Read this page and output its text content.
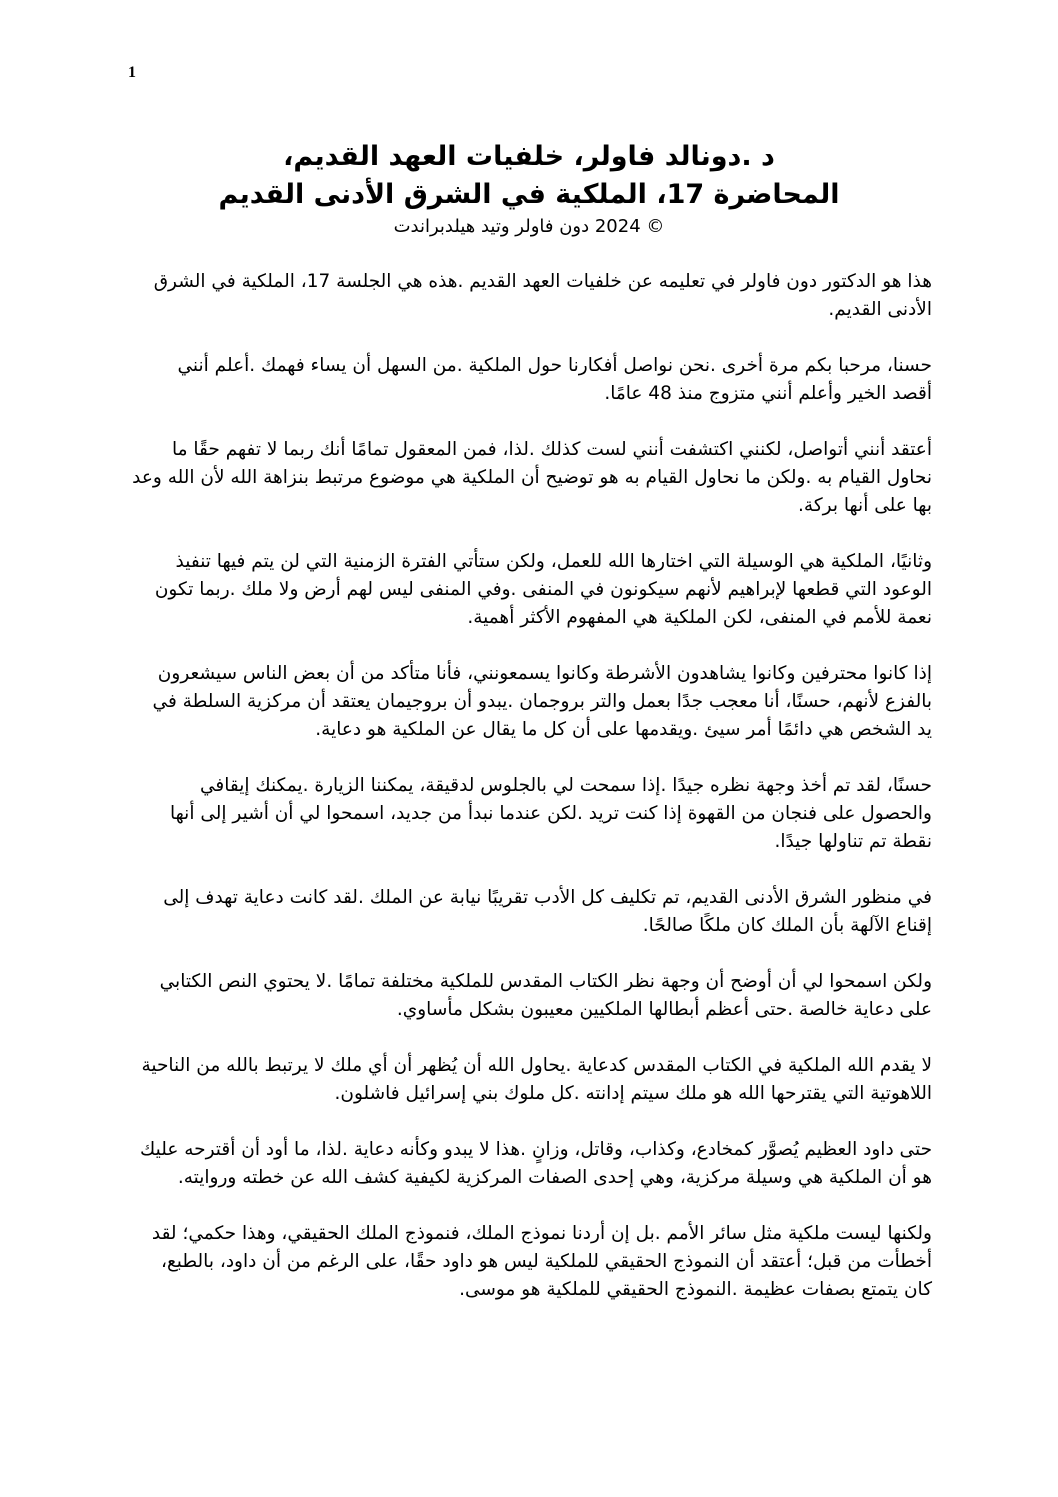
1

د .دونالد فاولر، خلفيات العهد القديم،

المحاضرة 17، الملكية في الشرق الأدنى القديم

© 2024 دون فاولر وتيد هيلدبراندت

هذا هو الدكتور دون فاولر في تعليمه عن خلفيات العهد القديم .هذه هي الجلسة 17، الملكية في الشرق الأدنى القديم.

حسنا، مرحبا بكم مرة أخرى .نحن نواصل أفكارنا حول الملكية .من السهل أن يساء فهمك .أعلم أنني أقصد الخير وأعلم أنني متزوج منذ 48 عامًا.

أعتقد أنني أتواصل، لكنني اكتشفت أنني لست كذلك .لذا، فمن المعقول تمامًا أنك ربما لا تفهم حقًا ما نحاول القيام به .ولكن ما نحاول القيام به هو توضيح أن الملكية هي موضوع مرتبط بنزاهة الله لأن الله وعد بها على أنها بركة.

وثانيًا، الملكية هي الوسيلة التي اختارها الله للعمل، ولكن ستأتي الفترة الزمنية التي لن يتم فيها تنفيذ الوعود التي قطعها لإبراهيم لأنهم سيكونون في المنفى .وفي المنفى ليس لهم أرض ولا ملك .ربما تكون نعمة للأمم في المنفى، لكن الملكية هي المفهوم الأكثر أهمية.

إذا كانوا محترفين وكانوا يشاهدون الأشرطة وكانوا يسمعونني، فأنا متأكد من أن بعض الناس سيشعرون بالفزع لأنهم، حسنًا، أنا معجب جدًا بعمل والتر بروجمان .يبدو أن بروجيمان يعتقد أن مركزية السلطة في يد الشخص هي دائمًا أمر سيئ .ويقدمها على أن كل ما يقال عن الملكية هو دعاية.

حسنًا، لقد تم أخذ وجهة نظره جيدًا .إذا سمحت لي بالجلوس لدقيقة، يمكننا الزيارة .يمكنك إيقافي والحصول على فنجان من القهوة إذا كنت تريد .لكن عندما نبدأ من جديد، اسمحوا لي أن أشير إلى أنها نقطة تم تناولها جيدًا.

في منظور الشرق الأدنى القديم، تم تكليف كل الأدب تقريبًا نيابة عن الملك .لقد كانت دعاية تهدف إلى إقناع الآلهة بأن الملك كان ملكًا صالحًا.

ولكن اسمحوا لي أن أوضح أن وجهة نظر الكتاب المقدس للملكية مختلفة تمامًا .لا يحتوي النص الكتابي على دعاية خالصة .حتى أعظم أبطالها الملكيين معيبون بشكل مأساوي.

لا يقدم الله الملكية في الكتاب المقدس كدعاية .يحاول الله أن يُظهر أن أي ملك لا يرتبط بالله من الناحية اللاهوتية التي يقترحها الله هو ملك سيتم إدانته .كل ملوك بني إسرائيل فاشلون.

حتى داود العظيم يُصوَّر كمخادع، وكذاب، وقاتل، وزانٍ .هذا لا يبدو وكأنه دعاية .لذا، ما أود أن أقترحه عليك هو أن الملكية هي وسيلة مركزية، وهي إحدى الصفات المركزية لكيفية كشف الله عن خطته وروايته.

ولكنها ليست ملكية مثل سائر الأمم .بل إن أردنا نموذج الملك، فنموذج الملك الحقيقي، وهذا حكمي؛ لقد أخطأت من قبل؛ أعتقد أن النموذج الحقيقي للملكية ليس هو داود حقًا، على الرغم من أن داود، بالطبع، كان يتمتع بصفات عظيمة .النموذج الحقيقي للملكية هو موسى.
